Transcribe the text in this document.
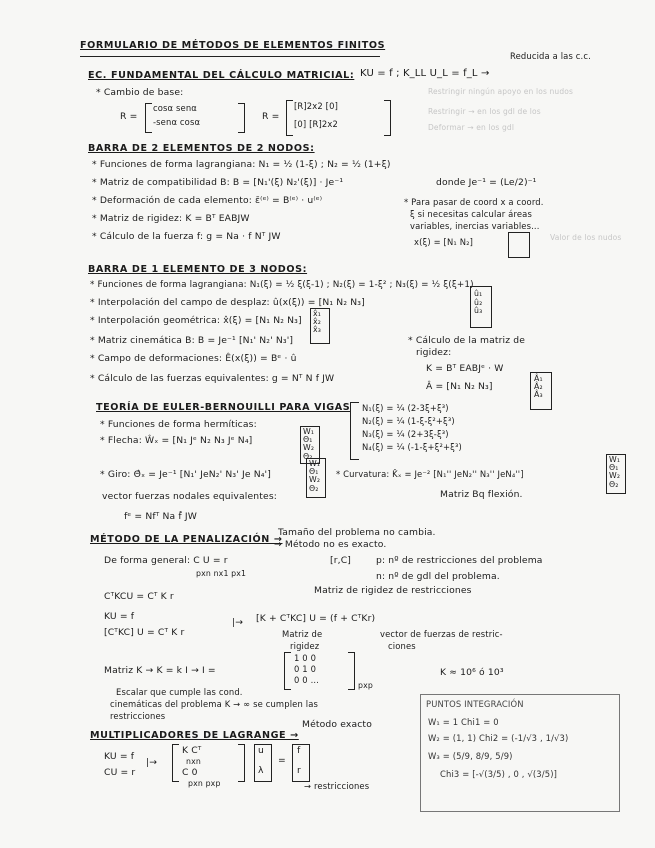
FORMULARIO DE MÉTODOS DE ELEMENTOS FINITOS
Reducida a las c.c.
EC. FUNDAMENTAL DEL CÁLCULO MATRICIAL: KU = f ; K_LL U_L = f_L →
* Cambio de base:
R =
cosα senα
-senα cosα	R =
[R]2x2 [0]
[0] [R]2x2
Restringir ningún apoyo en los nudos
Restringir → en los gdl de los
Deformar → en los gdl
BARRA DE 2 ELEMENTOS DE 2 NODOS:
* Funciones de forma lagrangiana: N₁ = ½ (1-ξ) ; N₂ = ½ (1+ξ)
* Matriz de compatibilidad B: B = [N₁'(ξ) N₂'(ξ)] · Je⁻¹	donde Je⁻¹ = (Le/2)⁻¹
* Deformación de cada elemento: ε̄⁽ᵉ⁾ = B⁽ᵉ⁾ · u⁽ᵉ⁾
* Matriz de rigidez: K = Bᵀ EABJW
* Cálculo de la fuerza f: g = Na · f Nᵀ JW
* Para pasar de coord x a coord.
ξ si necesitas calcular áreas
variables, inercias variables...
x(ξ) = [N₁ N₂]	Valor de los nudos
BARRA DE 1 ELEMENTO DE 3 NODOS:
* Funciones de forma lagrangiana: N₁(ξ) = ½ ξ(ξ-1) ; N₂(ξ) = 1-ξ² ; N₃(ξ) = ½ ξ(ξ+1)
* Interpolación del campo de desplaz: û(x(ξ)) = [N₁ N₂ N₃]
û₁ û₂ û₃
* Interpolación geométrica: x̂(ξ) = [N₁ N₂ N₃]
x̂₁ x̂₂ x̂₃
* Matriz cinemática B: B = Je⁻¹ [N₁' N₂' N₃']
* Campo de deformaciones: Ê(x(ξ)) = Bᵉ · û
* Cálculo de las fuerzas equivalentes: g = Nᵀ N f JW
* Cálculo de la matriz de
rigidez:
K = Bᵀ EABJᵉ · W
Â = [N₁ N₂ N₃]
Â₁ Â₂ Â₃
TEORÍA DE EULER-BERNOUILLI PARA VIGAS
* Funciones de forma hermíticas:
* Flecha: Ŵₓ = [N₁ Jᵉ N₂ N₃ Jᵉ N₄]
W₁ Θ₁ W₂ Θ₂
N₁(ξ) = ¼ (2-3ξ+ξ³)
N₂(ξ) = ¼ (1-ξ-ξ²+ξ³)
N₃(ξ) = ¼ (2+3ξ-ξ³)
N₄(ξ) = ¼ (-1-ξ+ξ²+ξ³)
* Giro: Θ̂ₓ = Je⁻¹ [N₁' JeN₂' N₃' Je N₄']
W₁ Θ₁ W₂ Θ₂
vector fuerzas nodales equivalentes:
fᵉ = Nfᵀ Na f̂ JW
* Curvatura: K̂ₓ = Je⁻² [N₁'' JeN₂'' N₃'' JeN₄'']
W₁ Θ₁ W₂ Θ₂
Matriz Bq flexión.
MÉTODO DE LA PENALIZACIÓN →
Tamaño del problema no cambia.
→ Método no es exacto.
De forma general: C U = r
pxn nx1 px1
[r,C]	p: nº de restricciones del problema
n: nº de gdl del problema.
CᵀKCU = Cᵀ K r
Matriz de rigidez de restricciones
KU = f
[CᵀKC] U = Cᵀ K r
|→ [K + CᵀKC] U = (f + CᵀKr)
Matriz de
rigidez
vector de fuerzas de restric-
ciones
Matriz K → K = k I → I =
1 0 0
0 1 0
0 0 ...
pxp
K ≈ 10⁶ ó 10³
Escalar que cumple las cond.
cinemáticas del problema K → ∞ se cumplen las
restricciones
MULTIPLICADORES DE LAGRANGE →
Método exacto
KU = f
CU = r
|→
K Cᵀ
nxn
C 0
pxn pxp
u
λ
=
f
r
→ restricciones
PUNTOS INTEGRACIÓN
W₁ = 1 Chi1 = 0
W₂ = (1, 1) Chi2 = (-1/√3 , 1/√3)
W₃ = (5/9, 8/9, 5/9)
Chi3 = [-√(3/5) , 0 , √(3/5)]
